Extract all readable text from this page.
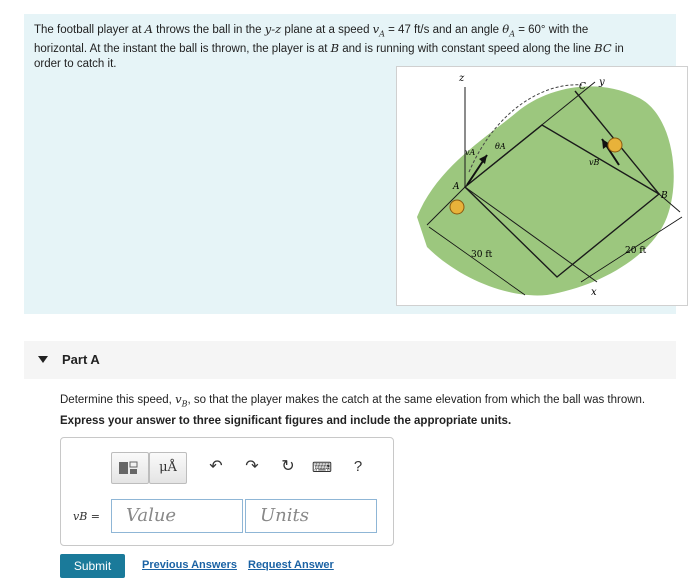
The football player at A throws the ball in the y-z plane at a speed $v_A = 47$ ft/s and an angle $\theta_A = 60^\circ$ with the
horizontal. At the instant the ball is thrown, the player is at B and is running with constant speed along the line BC in
order to catch it.
z	y
x
C
A
B
vA
θA
vB
30 ft	20 ft
Part A
Determine this speed, $v_B$, so that the player makes the catch at the same elevation from which the ball was thrown.
Express your answer to three significant figures and include the appropriate units.
μÅ ↶ ↷ ↻	⌨	?
vB =	Value	Units
Submit	Previous Answers Request Answer
